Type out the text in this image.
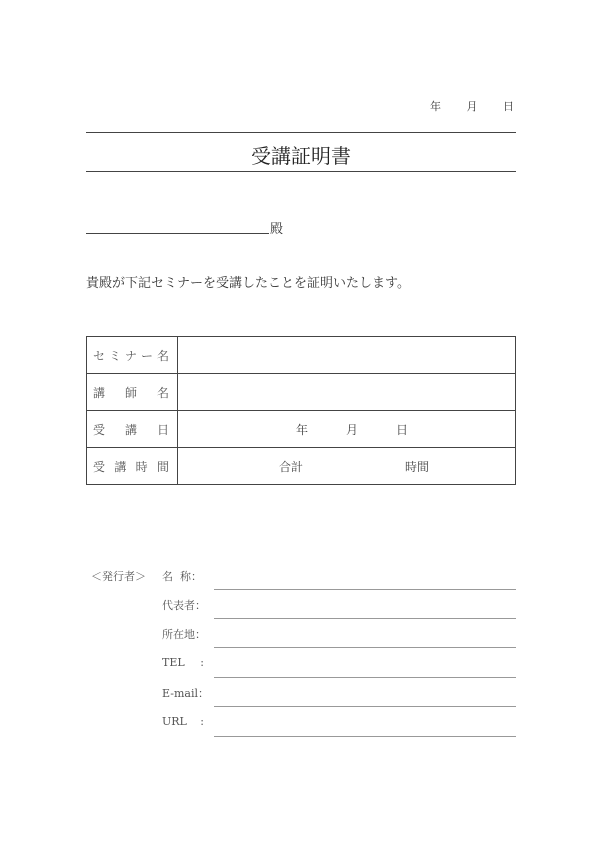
年 月 日
受講証明書
殿
貴殿が下記セミナーを受講したことを証明いたします。
セ ミ ナ ー 名	

講 師 名	

受 講 日	年 月 日

受 講 時 間	合計 時間
＜発行者＞ 名 称：
代表者：
所在地：
TEL :
E-mail：
URL :
